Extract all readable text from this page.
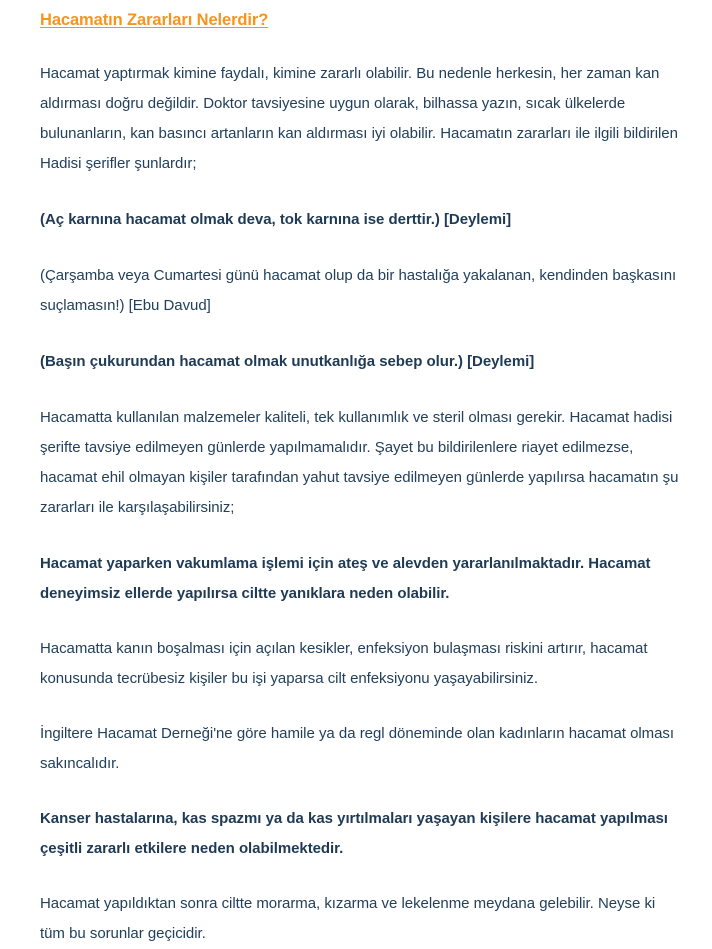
Hacamatın Zararları Nelerdir?

Hacamat yaptırmak kimine faydalı, kimine zararlı olabilir. Bu nedenle herkesin, her zaman kan aldırması doğru değildir. Doktor tavsiyesine uygun olarak, bilhassa yazın, sıcak ülkelerde bulunanların, kan basıncı artanların kan aldırması iyi olabilir. Hacamatın zararları ile ilgili bildirilen Hadisi şerifler şunlardır;

(Aç karnına hacamat olmak deva, tok karnına ise derttir.) [Deylemi]

(Çarşamba veya Cumartesi günü hacamat olup da bir hastalığa yakalanan, kendinden başkasını suçlamasın!) [Ebu Davud]

(Başın çukurundan hacamat olmak unutkanlığa sebep olur.) [Deylemi]

Hacamatta kullanılan malzemeler kaliteli, tek kullanımlık ve steril olması gerekir. Hacamat hadisi şerifte tavsiye edilmeyen günlerde yapılmamalıdır. Şayet bu bildirilenlere riayet edilmezse, hacamat ehil olmayan kişiler tarafından yahut tavsiye edilmeyen günlerde yapılırsa hacamatın şu zararları ile karşılaşabilirsiniz;

Hacamat yaparken vakumlama işlemi için ateş ve alevden yararlanılmaktadır. Hacamat deneyimsiz ellerde yapılırsa ciltte yanıklara neden olabilir.

Hacamatta kanın boşalması için açılan kesikler, enfeksiyon bulaşması riskini artırır, hacamat konusunda tecrübesiz kişiler bu işi yaparsa cilt enfeksiyonu yaşayabilirsiniz.

İngiltere Hacamat Derneği'ne göre hamile ya da regl döneminde olan kadınların hacamat olması sakıncalıdır.

Kanser hastalarına, kas spazmı ya da kas yırtılmaları yaşayan kişilere hacamat yapılması çeşitli zararlı etkilere neden olabilmektedir.

Hacamat yapıldıktan sonra ciltte morarma, kızarma ve lekelenme meydana gelebilir. Neyse ki tüm bu sorunlar geçicidir.
